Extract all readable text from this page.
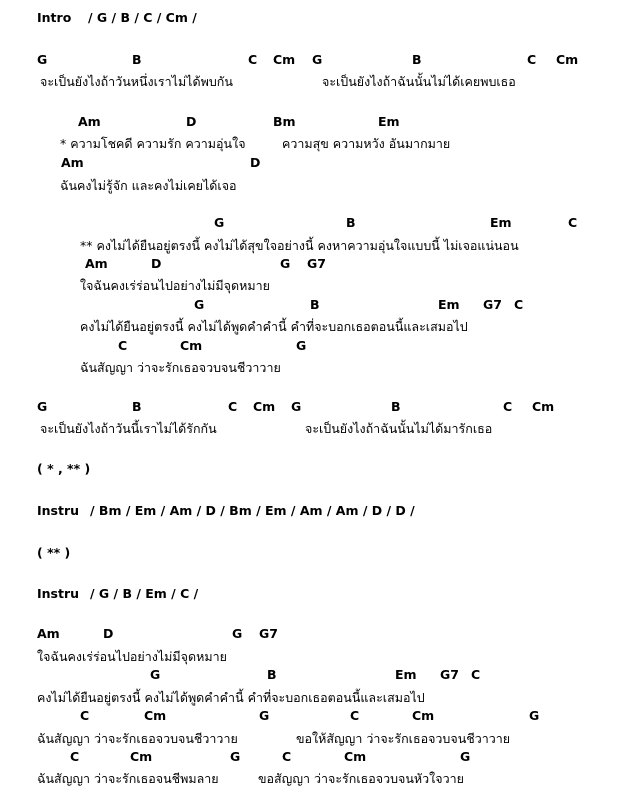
Intro / G / B / C / Cm /
G	B	C Cm G	B	C Cm
จะเป็นยังไงถ้าวันหนึ่งเราไม่ได้พบกัน	จะเป็นยังไงถ้าฉันนั้นไม่ได้เคยพบเธอ
Am	D	Bm	Em
* ความโชคดี ความรัก ความอุ่นใจ	ความสุข ความหวัง อันมากมาย
Am	D
ฉันคงไม่รู้จัก และคงไม่เคยได้เจอ
G	B	Em	C
** คงไม่ได้ยืนอยู่ตรงนี้ คงไม่ได้สุขใจอย่างนี้ คงหาความอุ่นใจแบบนี้ ไม่เจอแน่นอน
Am	D	G G7
ใจฉันคงเร่ร่อนไปอย่างไม่มีจุดหมาย
G	B	Em G7 C
คงไม่ได้ยืนอยู่ตรงนี้ คงไม่ได้พูดคำคำนี้ คำที่จะบอกเธอตอนนี้และเสมอไป
C	Cm	G
ฉันสัญญา ว่าจะรักเธอจวบจนชีวาวาย
G	B	C Cm G	B	C Cm
จะเป็นยังไงถ้าวันนี้เราไม่ได้รักกัน	จะเป็นยังไงถ้าฉันนั้นไม่ได้มารักเธอ
( * , ** )
Instru / Bm / Em / Am / D / Bm / Em / Am / Am / D / D /
( ** )
Instru / G / B / Em / C /
Am	D	G G7
ใจฉันคงเร่ร่อนไปอย่างไม่มีจุดหมาย
G	B	Em G7 C
คงไม่ได้ยืนอยู่ตรงนี้ คงไม่ได้พูดคำคำนี้ คำที่จะบอกเธอตอนนี้และเสมอไป
C	Cm	G	C	Cm	G
ฉันสัญญา ว่าจะรักเธอจวบจนชีวาวาย	ขอให้สัญญา ว่าจะรักเธอจวบจนชีวาวาย
C	Cm	G	C	Cm	G
ฉันสัญญา ว่าจะรักเธอจนชีพมลาย	ขอสัญญา ว่าจะรักเธอจวบจนหัวใจวาย
